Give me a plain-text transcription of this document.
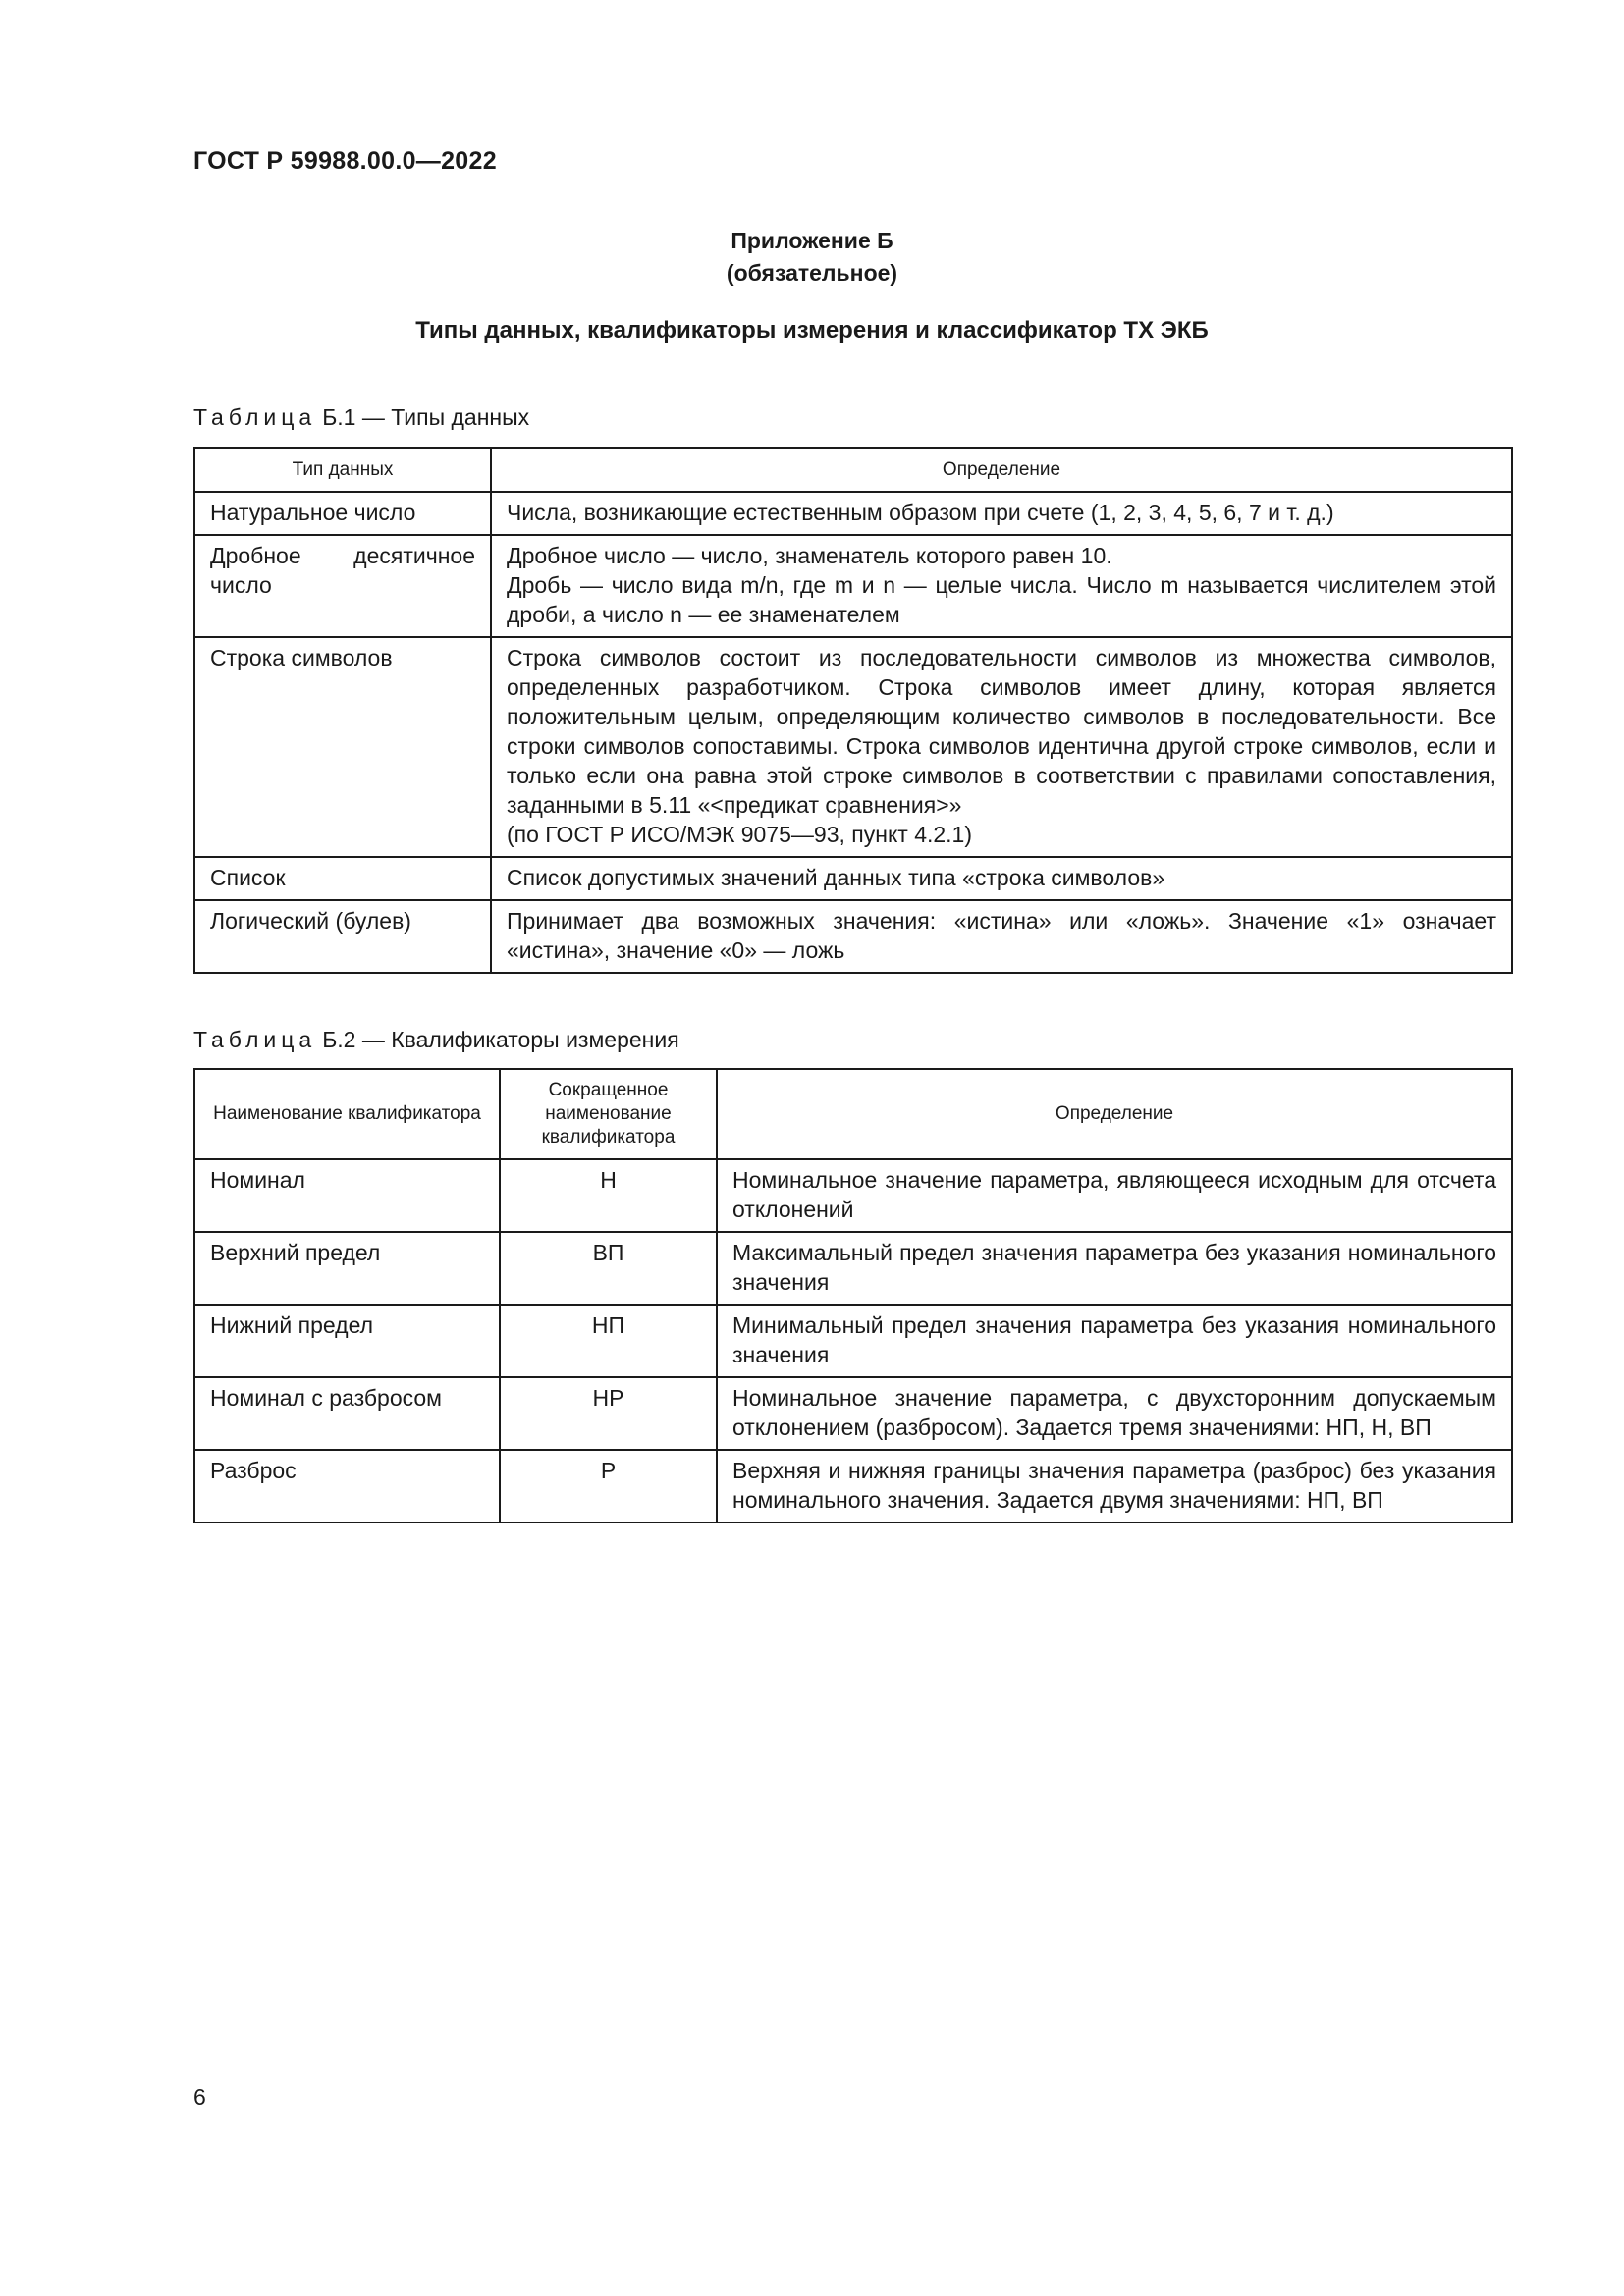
ГОСТ Р 59988.00.0—2022
Приложение Б
(обязательное)
Типы данных, квалификаторы измерения и классификатор ТХ ЭКБ
Таблица Б.1 — Типы данных
Тип данных	Определение
Натуральное число	Числа, возникающие естественным образом при счете (1, 2, 3, 4, 5, 6, 7 и т. д.)
Дробное десятичное число	Дробное число — число, знаменатель которого равен 10.
Дробь — число вида m/n, где m и n — целые числа. Число m называется числителем этой дроби, а число n — ее знаменателем

Строка символов	Строка символов состоит из последовательности символов из множества символов, определенных разработчиком. Строка символов имеет длину, которая является положительным целым, определяющим количество символов в последовательности. Все строки символов сопоставимы. Строка символов идентична другой строке символов, если и только если она равна этой строке символов в соответствии с правилами сопоставления, заданными в 5.11 «<предикат сравнения>»
(по ГОСТ Р ИСО/МЭК 9075—93, пункт 4.2.1)

Список	Список допустимых значений данных типа «строка символов»
Логический (булев)	Принимает два возможных значения: «истина» или «ложь». Значение «1» означает «истина», значение «0» — ложь
Таблица Б.2 — Квалификаторы измерения
Наименование квалификатора	Сокращенное наименование квалификатора	Определение
Номинал	Н	Номинальное значение параметра, являющееся исходным для отсчета отклонений
Верхний предел	ВП	Максимальный предел значения параметра без указания номинального значения
Нижний предел	НП	Минимальный предел значения параметра без указания номинального значения
Номинал с разбросом	НР	Номинальное значение параметра, с двухсторонним допускаемым отклонением (разбросом). Задается тремя значениями: НП, Н, ВП
Разброс	Р	Верхняя и нижняя границы значения параметра (разброс) без указания номинального значения. Задается двумя значениями: НП, ВП
6
